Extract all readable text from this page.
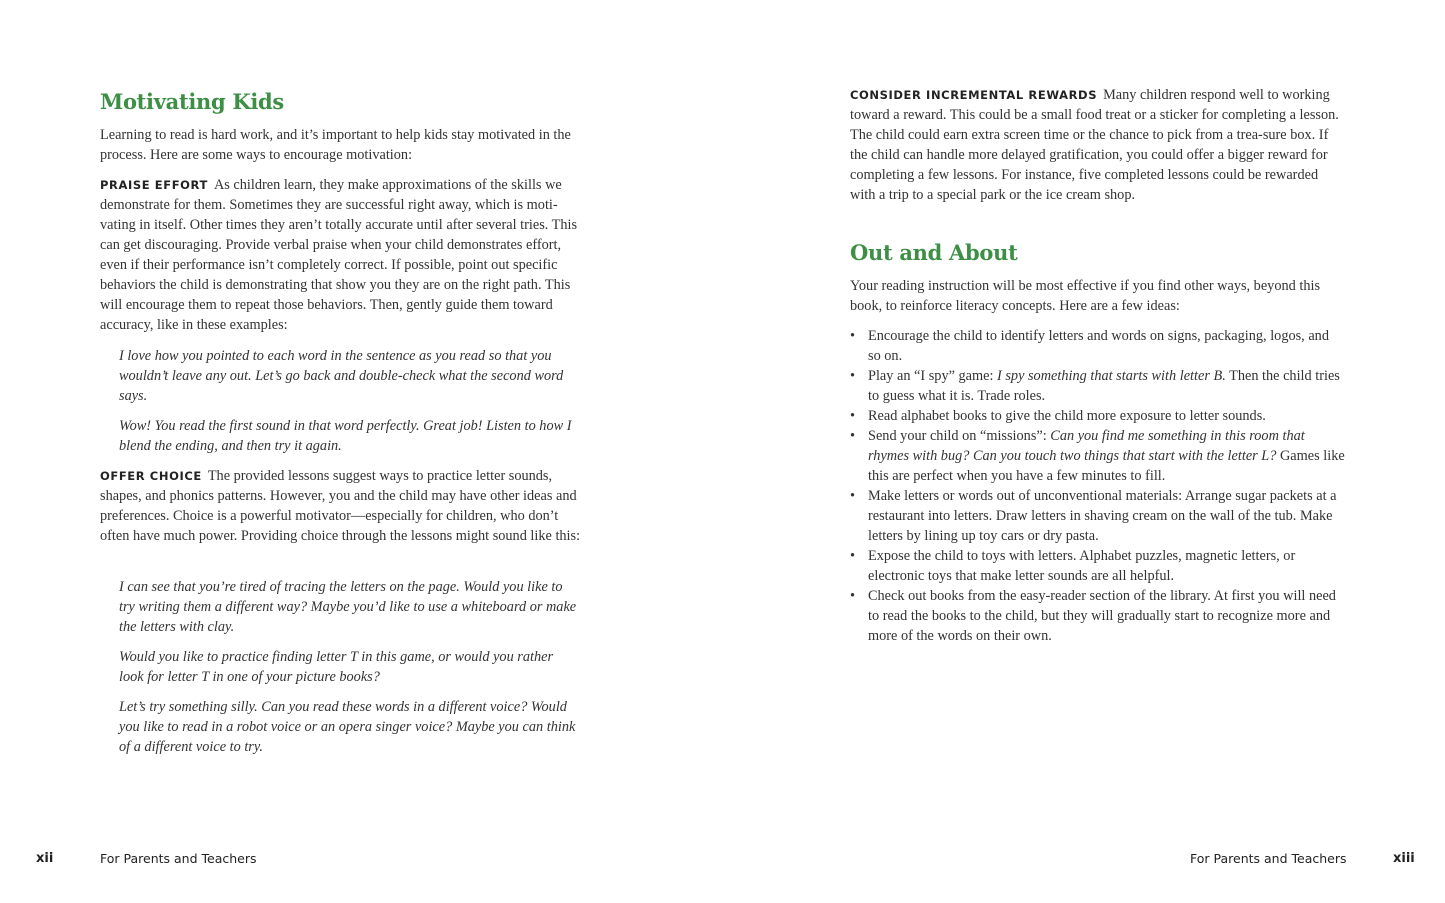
Motivating Kids

Learning to read is hard work, and it’s important to help kids stay motivated in the process. Here are some ways to encourage motivation:

PRAISE EFFORT As children learn, they make approximations of the skills we demonstrate for them. Sometimes they are successful right away, which is moti-vating in itself. Other times they aren’t totally accurate until after several tries. This can get discouraging. Provide verbal praise when your child demonstrates effort, even if their performance isn’t completely correct. If possible, point out specific behaviors the child is demonstrating that show you they are on the right path. This will encourage them to repeat those behaviors. Then, gently guide them toward accuracy, like in these examples:

I love how you pointed to each word in the sentence as you read so that you wouldn’t leave any out. Let’s go back and double-check what the second word says.

Wow! You read the first sound in that word perfectly. Great job! Listen to how I blend the ending, and then try it again.

OFFER CHOICE The provided lessons suggest ways to practice letter sounds, shapes, and phonics patterns. However, you and the child may have other ideas and preferences. Choice is a powerful motivator—especially for children, who don’t often have much power. Providing choice through the lessons might sound like this:

I can see that you’re tired of tracing the letters on the page. Would you like to try writing them a different way? Maybe you’d like to use a whiteboard or make the letters with clay.

Would you like to practice finding letter T in this game, or would you rather look for letter T in one of your picture books?

Let’s try something silly. Can you read these words in a different voice? Would you like to read in a robot voice or an opera singer voice? Maybe you can think of a different voice to try.

CONSIDER INCREMENTAL REWARDS Many children respond well to working toward a reward. This could be a small food treat or a sticker for completing a lesson. The child could earn extra screen time or the chance to pick from a trea-sure box. If the child can handle more delayed gratification, you could offer a bigger reward for completing a few lessons. For instance, five completed lessons could be rewarded with a trip to a special park or the ice cream shop.

Out and About

Your reading instruction will be most effective if you find other ways, beyond this book, to reinforce literacy concepts. Here are a few ideas:

• Encourage the child to identify letters and words on signs, packaging, logos, and so on.
• Play an “I spy” game: I spy something that starts with letter B. Then the child tries to guess what it is. Trade roles.
• Read alphabet books to give the child more exposure to letter sounds.
• Send your child on “missions”: Can you find me something in this room that rhymes with bug? Can you touch two things that start with the letter L? Games like this are perfect when you have a few minutes to fill.
• Make letters or words out of unconventional materials: Arrange sugar packets at a restaurant into letters. Draw letters in shaving cream on the wall of the tub. Make letters by lining up toy cars or dry pasta.
• Expose the child to toys with letters. Alphabet puzzles, magnetic letters, or electronic toys that make letter sounds are all helpful.
• Check out books from the easy-reader section of the library. At first you will need to read the books to the child, but they will gradually start to recognize more and more of the words on their own.
xii	For Parents and Teachers	For Parents and Teachers	xiii
